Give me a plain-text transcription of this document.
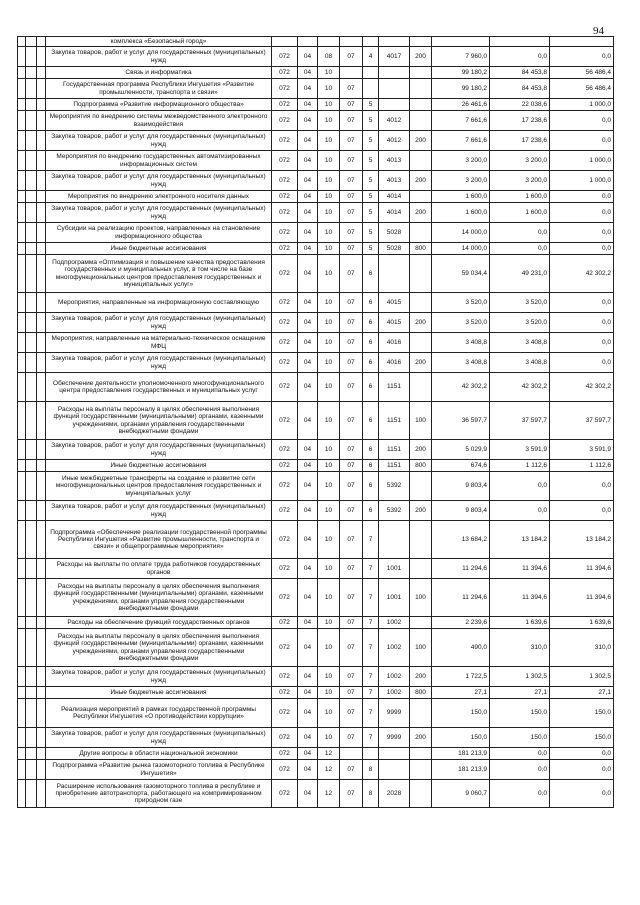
94
			комплекса «Безопасный город»										
			Закупка товаров, работ и услуг для государственных (муниципальных) нужд	072	04	08	07	4	4017	200	7 960,0	0,0	0,0
			Связь и информатика	072	04	10					99 180,2	84 453,8	56 486,4
			Государственная программа Республики Ингушетия «Развитие промышленности, транспорта и связи»	072	04	10	07				99 180,2	84 453,8	56 486,4
			Подпрограмма «Развитие информационного общества»	072	04	10	07	5			26 461,6	22 038,6	1 000,0
			Мероприятия по внедрению системы межведомственного электронного взаимодействия	072	04	10	07	5	4012		7 661,6	17 238,6	0,0
			Закупка товаров, работ и услуг для государственных (муниципальных) нужд	072	04	10	07	5	4012	200	7 661,6	17 238,6	0,0
			Мероприятия по внедрению государственных автоматизированных информационных систем	072	04	10	07	5	4013		3 200,0	3 200,0	1 000,0
			Закупка товаров, работ и услуг для государственных (муниципальных) нужд	072	04	10	07	5	4013	200	3 200,0	3 200,0	1 000,0
			Мероприятия по внедрению электронного носителя данных	072	04	10	07	5	4014		1 600,0	1 600,0	0,0
			Закупка товаров, работ и услуг для государственных (муниципальных) нужд	072	04	10	07	5	4014	200	1 600,0	1 600,0	0,0
			Субсидии на реализацию проектов, направленных на становление информационного общества	072	04	10	07	5	5028		14 000,0	0,0	0,0
			Иные бюджетные ассигнования	072	04	10	07	5	5028	800	14 000,0	0,0	0,0
			Подпрограмма «Оптимизация и повышение качества предоставления государственных и муниципальных услуг, в том числе на базе многофункциональных центров предоставления государственных и муниципальных услуг»	072	04	10	07	6			59 034,4	49 231,0	42 302,2
			Мероприятия, направленные на информационную составляющую	072	04	10	07	6	4015		3 520,0	3 520,0	0,0
			Закупка товаров, работ и услуг для государственных (муниципальных) нужд	072	04	10	07	6	4015	200	3 520,0	3 520,0	0,0
			Мероприятия, направленные на материально-техническое оснащение МФЦ	072	04	10	07	6	4016		3 408,8	3 408,8	0,0
			Закупка товаров, работ и услуг для государственных (муниципальных) нужд	072	04	10	07	6	4016	200	3 408,8	3 408,8	0,0
			Обеспечение деятельности уполномоченного многофункционального центра предоставления государственных и муниципальных услуг	072	04	10	07	6	1151		42 302,2	42 302,2	42 302,2
			Расходы на выплаты персоналу в целях обеспечения выполнения функций государственными (муниципальными) органами, казенными учреждениями, органами управления государственными внебюджетными фондами	072	04	10	07	6	1151	100	36 597,7	37 597,7	37 597,7
			Закупка товаров, работ и услуг для государственных (муниципальных) нужд	072	04	10	07	6	1151	200	5 029,9	3 591,9	3 591,9
			Иные бюджетные ассигнования	072	04	10	07	6	1151	800	674,6	1 112,6	1 112,6
			Иные межбюджетные трансферты на создание и развитие сети многофункциональных центров предоставления государственных и муниципальных услуг	072	04	10	07	6	5392		9 803,4	0,0	0,0
			Закупка товаров, работ и услуг для государственных (муниципальных) нужд	072	04	10	07	6	5392	200	9 803,4	0,0	0,0
			Подпрограмма «Обеспечение реализации государственной программы Республики Ингушетия «Развитие промышленности, транспорта и связи» и общепрограммные мероприятия»	072	04	10	07	7			13 684,2	13 184,2	13 184,2
			Расходы на выплаты по оплате труда работников государственных органов	072	04	10	07	7	1001		11 294,6	11 394,6	11 394,6
			Расходы на выплаты персоналу в целях обеспечения выполнения функций государственными (муниципальными) органами, казенными учреждениями, органами управления государственными внебюджетными фондами	072	04	10	07	7	1001	100	11 294,6	11 394,6	11 394,6
			Расходы на обеспечение функций государственных органов	072	04	10	07	7	1002		2 239,6	1 639,6	1 639,6
			Расходы на выплаты персоналу в целях обеспечения выполнения функций государственными (муниципальными) органами, казенными учреждениями, органами управления государственными внебюджетными фондами	072	04	10	07	7	1002	100	490,0	310,0	310,0
			Закупка товаров, работ и услуг для государственных (муниципальных) нужд	072	04	10	07	7	1002	200	1 722,5	1 302,5	1 302,5
			Иные бюджетные ассигнования	072	04	10	07	7	1002	800	27,1	27,1	27,1
			Реализация мероприятий в рамках государственной программы Республики Ингушетия «О противодействии коррупции»	072	04	10	07	7	9999		150,0	150,0	150,0
			Закупка товаров, работ и услуг для государственных (муниципальных) нужд	072	04	10	07	7	9999	200	150,0	150,0	150,0
			Другие вопросы в области национальной экономики	072	04	12					181 213,9	0,0	0,0
			Подпрограмма «Развитие рынка газомоторного топлива в Республике Ингушетия»	072	04	12	07	8			181 213,9	0,0	0,0
			Расширение использования газомоторного топлива в республике и приобретение автотранспорта, работающего на компримированном природном газе	072	04	12	07	8	2028		9 060,7	0,0	0,0
